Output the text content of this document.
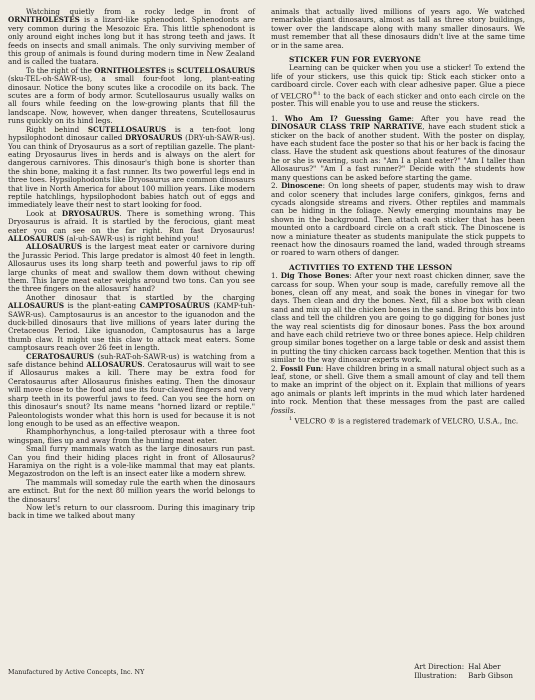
Watching quietly from a rocky ledge in front of ORNITHOLESTES is a lizard-like sphenodont. Sphenodonts are very common during the Mesozoic Era. This little sphenodont is only around eight inches long but it has strong teeth and jaws. It feeds on insects and small animals. The only surviving member of this group of animals is found during modern time in New Zealand and is called the tuatara.

To the right of the ORNITHOLESTES is SCUTELLOSAURUS (sku-TEL-oh-SAWR-us), a small four-foot long, plant-eating dinosaur. Notice the bony scutes like a crocodile on its back. The scutes are a form of body armor. Scutellosaurus usually walks on all fours while feeding on the low-growing plants that fill the landscape. Now, however, when danger threatens, Scutellosaurus runs quickly on its hind legs.

Right behind SCUTELLOSAURUS is a ten-foot long hypsilophodont dinosaur called DRYOSAURUS (DRY-uh-SAWR-us). You can think of Dryosaurus as a sort of reptilian gazelle. The plant-eating Dryosaurus lives in herds and is always on the alert for dangerous carnivores. This dinosaur's thigh bone is shorter than the shin bone, making it a fast runner. Its two powerful legs end in three toes. Hypsilophodonts like Dryosaurus are common dinosaurs that live in North America for about 100 million years. Like modern reptile hatchlings, hypsilophodont babies hatch out of eggs and immediately leave their nest to start looking for food.

Look at DRYOSAURUS. There is something wrong. This Dryosaurus is afraid. It is startled by the ferocious, giant meat eater you can see on the far right. Run fast Dryosaurus! ALLOSAURUS (al-uh-SAWR-us) is right behind you!

ALLOSAURUS is the largest meat eater or carnivore during the Jurassic Period. This large predator is almost 40 feet in length. Allosaurus uses its long sharp teeth and powerful jaws to rip off large chunks of meat and swallow them down without chewing them. This large meat eater weighs around two tons. Can you see the three fingers on the allosaurs' hand?

Another dinosaur that is startled by the charging ALLOSAURUS is the plant-eating CAMPTOSAURUS (KAMP-tuh-SAWR-us). Camptosaurus is an ancestor to the iguanodon and the duck-billed dinosaurs that live millions of years later during the Cretaceous Period. Like iguanodon, Camptosaurus has a large thumb claw. It might use this claw to attack meat eaters. Some camptosaurs reach over 26 feet in length.

CERATOSAURUS (suh-RAT-oh-SAWR-us) is watching from a safe distance behind ALLOSAURUS. Ceratosaurus will wait to see if Allosaurus makes a kill. There may be extra food for Ceratosaurus after Allosaurus finishes eating. Then the dinosaur will move close to the food and use its four-clawed fingers and very sharp teeth in its powerful jaws to feed. Can you see the horn on this dinosaur's snout? Its name means "horned lizard or reptile." Paleontologists wonder what this horn is used for because it is not long enough to be used as an effective weapon.

Rhamphorhynchus, a long-tailed pterosaur with a three foot wingspan, flies up and away from the hunting meat eater.

Small furry mammals watch as the large dinosaurs run past. Can you find their hiding places right in front of Allosaurus? Haramiya on the right is a vole-like mammal that may eat plants. Megazostrodon on the left is an insect eater like a modern shrew.

The mammals will someday rule the earth when the dinosaurs are extinct. But for the next 80 million years the world belongs to the dinosaurs!

Now let's return to our classroom. During this imaginary trip back in time we talked about many

animals that actually lived millions of years ago. We watched remarkable giant dinosaurs, almost as tall as three story buildings, tower over the landscape along with many smaller dinosaurs. We must remember that all these dinosaurs didn't live at the same time or in the same area.

STICKER FUN FOR EVERYONE

Learning can be quicker when you use a sticker! To extend the life of your stickers, use this quick tip: Stick each sticker onto a cardboard circle. Cover each with clear adhesive paper. Glue a piece of $VELCRO^{®1}$ to the back of each sticker and onto each circle on the poster. This will enable you to use and reuse the stickers.

1. Who Am I? Guessing Game: After you have read the DINOSAUR CLASS TRIP NARRATIVE, have each student stick a sticker on the back of another student. With the poster on display, have each student face the poster so that his or her back is facing the class. Have the student ask questions about features of the dinosaur he or she is wearing, such as: "Am I a plant eater?" "Am I taller than Allosaurus?" "Am I a fast runner?" Decide with the students how many questions can be asked before starting the game.

2. Dinoscene: On long sheets of paper, students may wish to draw and color scenery that includes large conifers, ginkgos, ferns and cycads alongside streams and rivers. Other reptiles and mammals can be hiding in the foliage. Newly emerging mountains may be shown in the background. Then attach each sticker that has been mounted onto a cardboard circle on a craft stick. The Dinoscene is now a miniature theater as students manipulate the stick puppets to reenact how the dinosaurs roamed the land, waded through streams or roared to warn others of danger.

ACTIVITIES TO EXTEND THE LESSON

1. Dig Those Bones: After your next roast chicken dinner, save the carcass for soup. When your soup is made, carefully remove all the bones, clean off any meat, and soak the bones in vinegar for two days. Then clean and dry the bones. Next, fill a shoe box with clean sand and mix up all the chicken bones in the sand. Bring this box into class and tell the children you are going to go digging for bones just the way real scientists dig for dinosaur bones. Pass the box around and have each child retrieve two or three bones apiece. Help children group similar bones together on a large table or desk and assist them in putting the tiny chicken carcass back together. Mention that this is similar to the way dinosaur experts work.

2. Fossil Fun: Have children bring in a small natural object such as a leaf, stone, or shell. Give them a small amount of clay and tell them to make an imprint of the object on it. Explain that millions of years ago animals or plants left imprints in the mud which later hardened into rock. Mention that these messages from the past are called fossils.

$^1$ VELCRO ® is a registered trademark of VELCRO, U.S.A., Inc.

Art Direction:	Hal Aber
Illustration:	Barb Gibson
Manufactured by Active Concepts, Inc. NY
